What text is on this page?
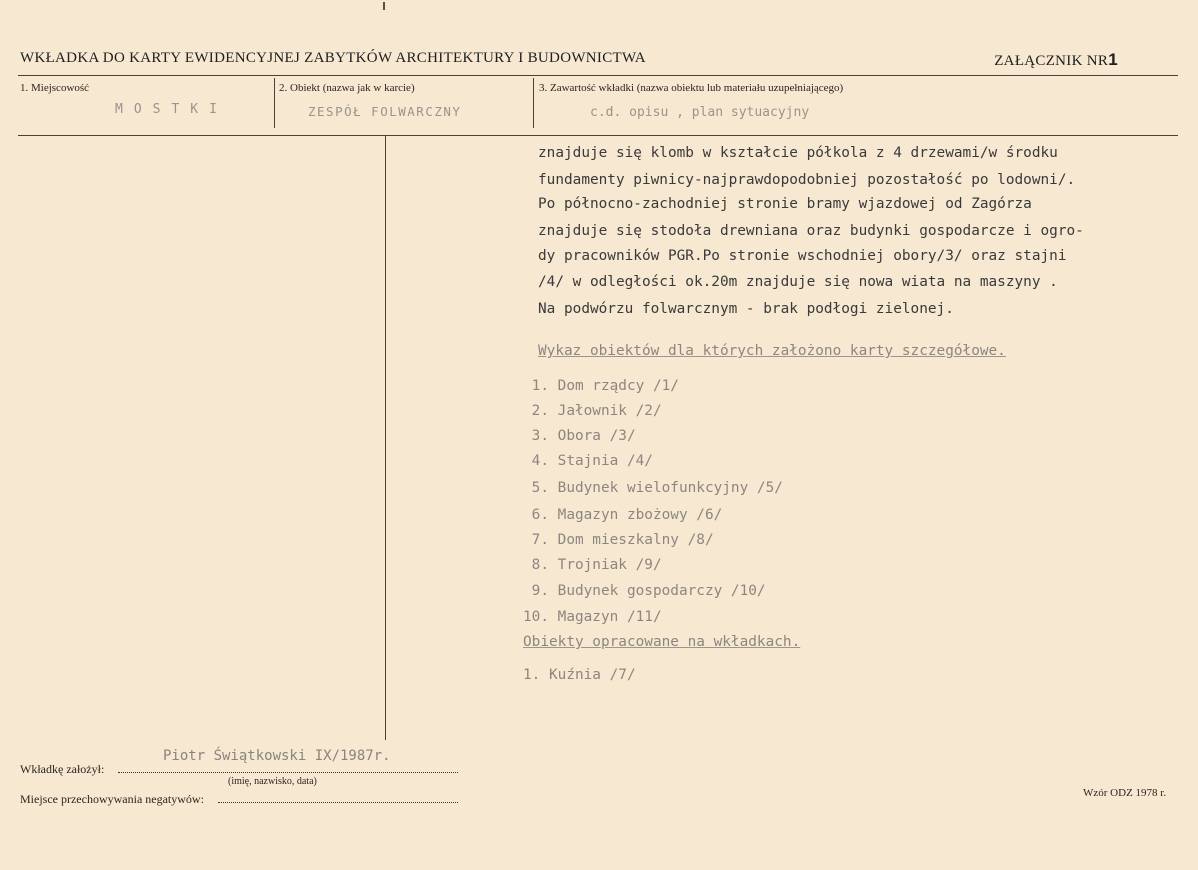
WKŁADKA DO KARTY EWIDENCYJNEJ ZABYTKÓW ARCHITEKTURY I BUDOWNICTWA	ZAŁĄCZNIK NR1
1. Miejscowość	2. Obiekt (nazwa jak w karcie)	3. Zawartość wkładki (nazwa obiektu lub materiału uzupełniającego)
MOSTKI	ZESPÓŁ FOLWARCZNY	c.d. opisu , plan sytuacyjny
znajduje się klomb w kształcie półkola z 4 drzewami/w środku
fundamenty piwnicy-najprawdopodobniej pozostałość po lodowni/.
Po północno-zachodniej stronie bramy wjazdowej od Zagórza
znajduje się stodoła drewniana oraz budynki gospodarcze i ogro-
dy pracowników PGR.Po stronie wschodniej obory/3/ oraz stajni
/4/ w odległości ok.20m znajduje się nowa wiata na maszyny .
Na podwórzu folwarcznym - brak podłogi zielonej.
Wykaz obiektów dla których założono karty szczegółowe.
1. Dom rządcy /1/
2. Jałownik /2/
3. Obora /3/
4. Stajnia /4/
5. Budynek wielofunkcyjny /5/
6. Magazyn zbożowy /6/
7. Dom mieszkalny /8/
8. Trojniak /9/
9. Budynek gospodarczy /10/
10. Magazyn /11/
Obiekty opracowane na wkładkach.
1. Kuźnia /7/
Wkładkę założył:
Piotr Świątkowski IX/1987r.
(imię, nazwisko, data)
Miejsce przechowywania negatywów:	Wzór ODZ 1978 r.
